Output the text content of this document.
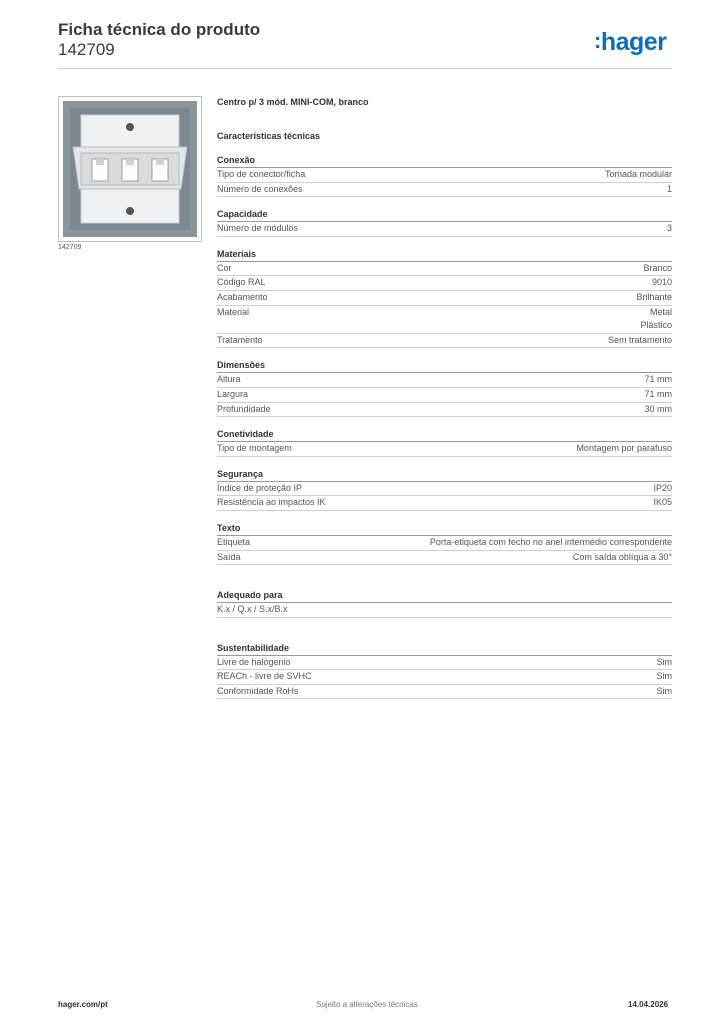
Ficha técnica do produto
142709	:hager
142709
Centro p/ 3 mód. MINI-COM, branco
Características técnicas
Conexão
Tipo de conector/ficha	Tomada modular
Número de conexões	1
Capacidade
Número de módulos	3
Materiais
Cor	Branco
Código RAL	9010
Acabamento	Brilhante
Material	Metal
Plástico
Tratamento	Sem tratamento
Dimensões
Altura	71 mm
Largura	71 mm
Profundidade	30 mm
Conetividade
Tipo de montagem	Montagem por parafuso
Segurança
Índice de proteção IP	IP20
Resistência ao impactos IK	IK05
Texto
Etiqueta	Porta-etiqueta com fecho no anel intermédio correspondente
Saída	Com saída oblíqua a 30°
Adequado para
K.x / Q.x / S.x/B.x
Sustentabilidade
Livre de halógenio	Sim
REACh - livre de SVHC	Sim
Conformidade RoHs	Sim
hager.com/pt	Sujeito a alterações técnicas	14.04.2026
